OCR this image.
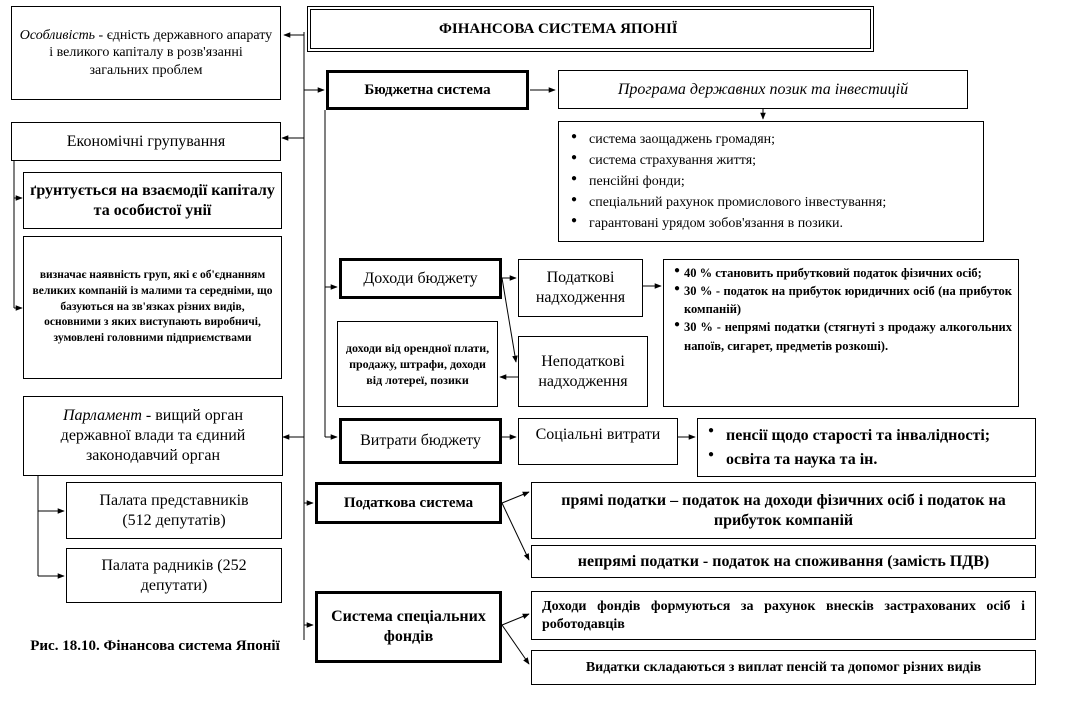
ФІНАНСОВА СИСТЕМА ЯПОНІЇ
Особливість - єдність державного апарату і великого капіталу в розв'язанні загальних проблем
Економічні групування
ґрунтується на взаємодії капіталу та особистої унії
визначає наявність груп, які є об'єднанням великих компаній із малими та середніми, що базуються на зв'язках різних видів, основними з яких виступають виробничі, зумовлені головними підприємствами
Парламент - вищий орган державної влади та єдиний законодавчий орган
Палата представників (512 депутатів)
Палата радників (252 депутати)
Рис. 18.10. Фінансова система Японії
Бюджетна система	Програма державних позик та інвестицій
● система заощаджень громадян;
● система страхування життя;
● пенсійні фонди;
● спеціальний рахунок промислового інвестування;
● гарантовані урядом зобов'язання в позики.
Доходи бюджету	Податкові надходження
Неподаткові надходження
доходи від орендної плати, продажу, штрафи, доходи від лотереї, позики
● 40 % становить прибутковий податок фізичних осіб;
● 30 % - податок на прибуток юридичних осіб (на прибуток компаній)
● 30 % - непрямі податки (стягнуті з продажу алкогольних напоїв, сигарет, предметів розкоші).
Витрати бюджету	Соціальні витрати
●	пенсії щодо старості та інвалідності;
● освіта та наука та ін.
Податкова система	прямі податки – податок на доходи фізичних осіб і податок на прибуток компаній
непрямі податки - податок на споживання (замість ПДВ)
Система спеціальних фондів
Доходи фондів формуються за рахунок внесків застрахованих осіб і роботодавців
Видатки складаються з виплат пенсій та допомог різних видів
